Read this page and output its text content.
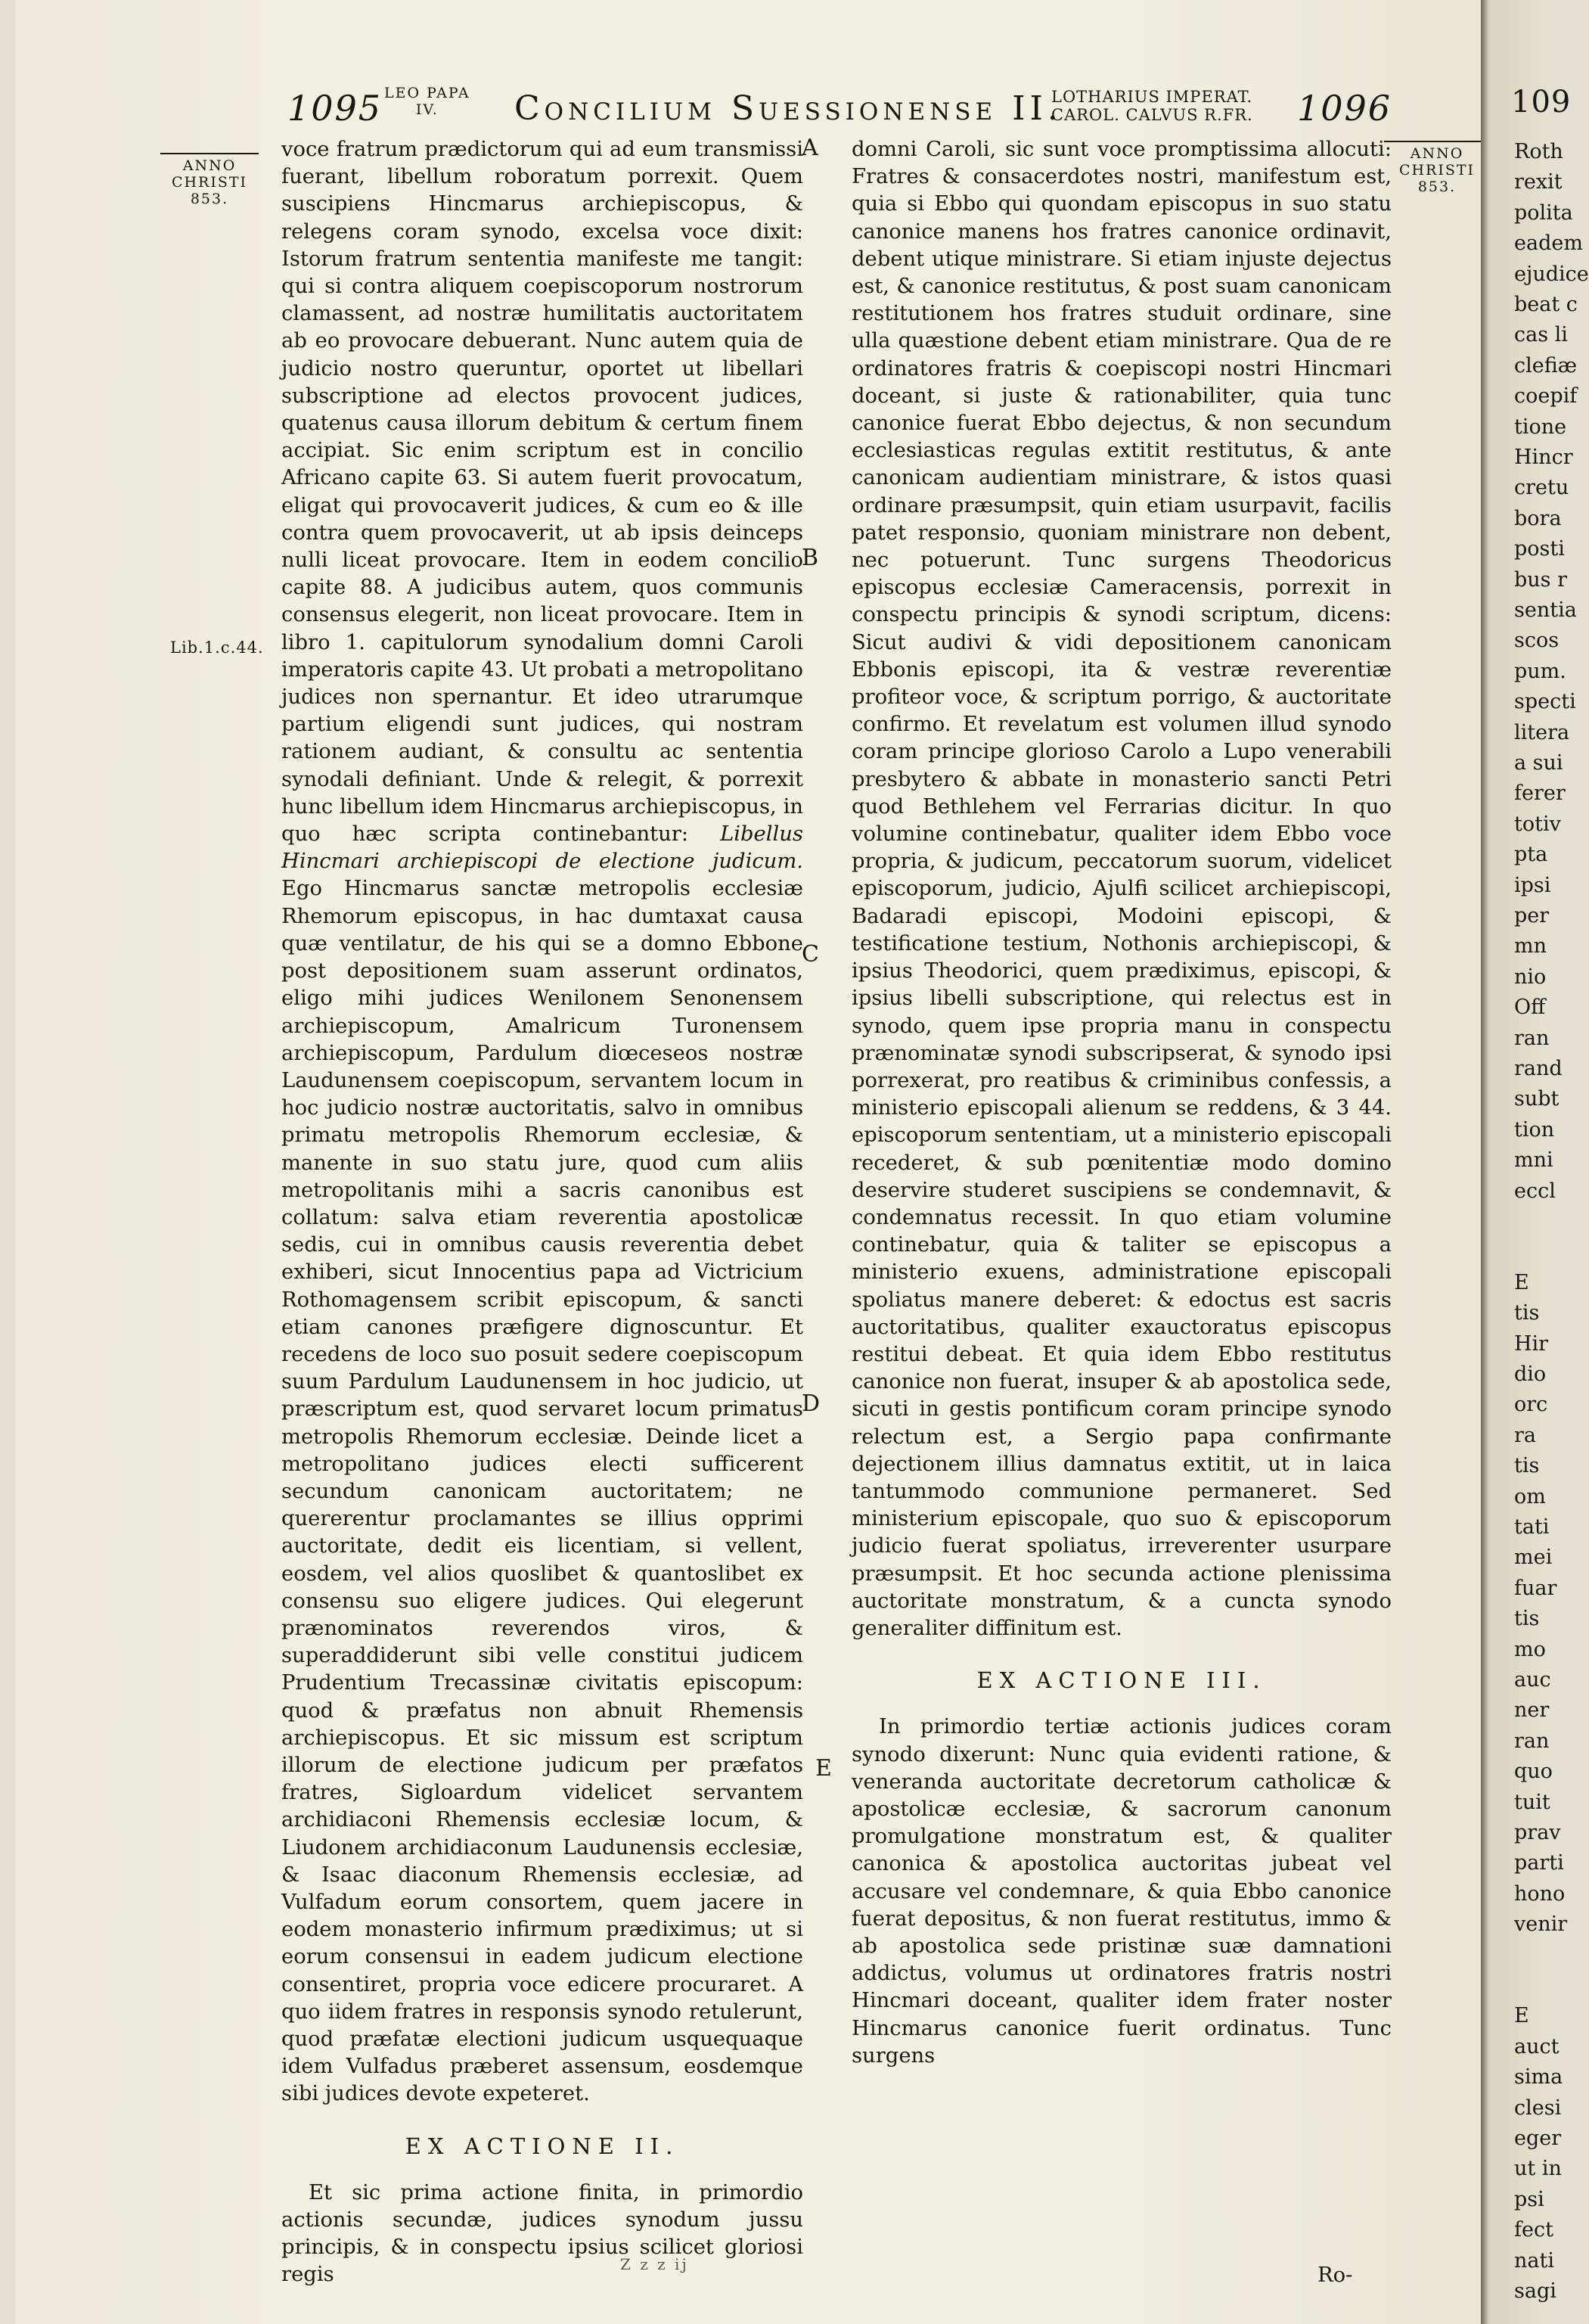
1095 LEO PAPA
IV.	Concilium Suessionense II.
LOTHARIUS IMPERAT.
CAROL. CALVUS R.FR. 1096
ANNO
CHRISTI
853.
ANNO
CHRISTI
853.
Lib.1.c.44.
A
B
C
D
E

voce fratrum prædictorum qui ad eum transmissi fuerant, libellum roboratum porrexit. Quem suscipiens Hincmarus archiepiscopus, & relegens coram synodo, excelsa voce dixit: Istorum fratrum sententia manifeste me tangit: qui si contra aliquem coepiscoporum nostrorum clamassent, ad nostræ humilitatis auctoritatem ab eo provocare debuerant. Nunc autem quia de judicio nostro queruntur, oportet ut libellari subscriptione ad electos provocent judices, quatenus causa illorum debitum & certum finem accipiat. Sic enim scriptum est in concilio Africano capite 63. Si autem fuerit provocatum, eligat qui provocaverit judices, & cum eo & ille contra quem provocaverit, ut ab ipsis deinceps nulli liceat provocare. Item in eodem concilio capite 88. A judicibus autem, quos communis consensus elegerit, non liceat provocare. Item in libro 1. capitulorum synodalium domni Caroli imperatoris capite 43. Ut probati a metropolitano judices non spernantur. Et ideo utrarumque partium eligendi sunt judices, qui nostram rationem audiant, & consultu ac sententia synodali definiant. Unde & relegit, & porrexit hunc libellum idem Hincmarus archiepiscopus, in quo hæc scripta continebantur: Libellus Hincmari archiepiscopi de electione judicum. Ego Hincmarus sanctæ metropolis ecclesiæ Rhemorum episcopus, in hac dumtaxat causa quæ ventilatur, de his qui se a domno Ebbone post depositionem suam asserunt ordinatos, eligo mihi judices Wenilonem Senonensem archiepiscopum, Amalricum Turonensem archiepiscopum, Pardulum diœceseos nostræ Laudunensem coepiscopum, servantem locum in hoc judicio nostræ auctoritatis, salvo in omnibus primatu metropolis Rhemorum ecclesiæ, & manente in suo statu jure, quod cum aliis metropolitanis mihi a sacris canonibus est collatum: salva etiam reverentia apostolicæ sedis, cui in omnibus causis reverentia debet exhiberi, sicut Innocentius papa ad Victricium Rothomagensem scribit episcopum, & sancti etiam canones præfigere dignoscuntur. Et recedens de loco suo posuit sedere coepiscopum suum Pardulum Laudunensem in hoc judicio, ut præscriptum est, quod servaret locum primatus metropolis Rhemorum ecclesiæ. Deinde licet a metropolitano judices electi sufficerent secundum canonicam auctoritatem; ne quererentur proclamantes se illius opprimi auctoritate, dedit eis licentiam, si vellent, eosdem, vel alios quoslibet & quantoslibet ex consensu suo eligere judices. Qui elegerunt prænominatos reverendos viros, & superaddiderunt sibi velle constitui judicem Prudentium Trecassinæ civitatis episcopum: quod & præfatus non abnuit Rhemensis archiepiscopus. Et sic missum est scriptum illorum de electione judicum per præfatos fratres, Sigloardum videlicet servantem archidiaconi Rhemensis ecclesiæ locum, & Liudonem archidiaconum Laudunensis ecclesiæ, & Isaac diaconum Rhemensis ecclesiæ, ad Vulfadum eorum consortem, quem jacere in eodem monasterio infirmum prædiximus; ut si eorum consensui in eadem judicum electione consentiret, propria voce edicere procuraret. A quo iidem fratres in responsis synodo retulerunt, quod præfatæ electioni judicum usquequaque idem Vulfadus præberet assensum, eosdemque sibi judices devote expeteret.

EX ACTIONE II.

Et sic prima actione finita, in primordio actionis secundæ, judices synodum jussu principis, & in conspectu ipsius scilicet gloriosi regis

domni Caroli, sic sunt voce promptissima allocuti: Fratres & consacerdotes nostri, manifestum est, quia si Ebbo qui quondam episcopus in suo statu canonice manens hos fratres canonice ordinavit, debent utique ministrare. Si etiam injuste dejectus est, & canonice restitutus, & post suam canonicam restitutionem hos fratres studuit ordinare, sine ulla quæstione debent etiam ministrare. Qua de re ordinatores fratris & coepiscopi nostri Hincmari doceant, si juste & rationabiliter, quia tunc canonice fuerat Ebbo dejectus, & non secundum ecclesiasticas regulas extitit restitutus, & ante canonicam audientiam ministrare, & istos quasi ordinare præsumpsit, quin etiam usurpavit, facilis patet responsio, quoniam ministrare non debent, nec potuerunt. Tunc surgens Theodoricus episcopus ecclesiæ Cameracensis, porrexit in conspectu principis & synodi scriptum, dicens: Sicut audivi & vidi depositionem canonicam Ebbonis episcopi, ita & vestræ reverentiæ profiteor voce, & scriptum porrigo, & auctoritate confirmo. Et revelatum est volumen illud synodo coram principe glorioso Carolo a Lupo venerabili presbytero & abbate in monasterio sancti Petri quod Bethlehem vel Ferrarias dicitur. In quo volumine continebatur, qualiter idem Ebbo voce propria, & judicum, peccatorum suorum, videlicet episcoporum, judicio, Ajulfi scilicet archiepiscopi, Badaradi episcopi, Modoini episcopi, & testificatione testium, Nothonis archiepiscopi, & ipsius Theodorici, quem prædiximus, episcopi, & ipsius libelli subscriptione, qui relectus est in synodo, quem ipse propria manu in conspectu prænominatæ synodi subscripserat, & synodo ipsi porrexerat, pro reatibus & criminibus confessis, a ministerio episcopali alienum se reddens, & 3 44. episcoporum sententiam, ut a ministerio episcopali recederet, & sub pœnitentiæ modo domino deservire studeret suscipiens se condemnavit, & condemnatus recessit. In quo etiam volumine continebatur, quia & taliter se episcopus a ministerio exuens, administratione episcopali spoliatus manere deberet: & edoctus est sacris auctoritatibus, qualiter exauctoratus episcopus restitui debeat. Et quia idem Ebbo restitutus canonice non fuerat, insuper & ab apostolica sede, sicuti in gestis pontificum coram principe synodo relectum est, a Sergio papa confirmante dejectionem illius damnatus extitit, ut in laica tantummodo communione permaneret. Sed ministerium episcopale, quo suo & episcoporum judicio fuerat spoliatus, irreverenter usurpare præsumpsit. Et hoc secunda actione plenissima auctoritate monstratum, & a cuncta synodo generaliter diffinitum est.

EX ACTIONE III.

In primordio tertiæ actionis judices coram synodo dixerunt: Nunc quia evidenti ratione, & veneranda auctoritate decretorum catholicæ & apostolicæ ecclesiæ, & sacrorum canonum promulgatione monstratum est, & qualiter canonica & apostolica auctoritas jubeat vel accusare vel condemnare, & quia Ebbo canonice fuerat depositus, & non fuerat restitutus, immo & ab apostolica sede pristinæ suæ damnationi addictus, volumus ut ordinatores fratris nostri Hincmari doceant, qualiter idem frater noster Hincmarus canonice fuerit ordinatus. Tunc surgens

Ro-
Z z z ij
109
Roth
rexit
polita
eadem
ejudice
beat c
cas li
clefiæ
coepif
tione
Hincr
cretu
bora
posti
bus r
sentia
scos
pum.
specti
litera
a sui
ferer
totiv
pta
ipsi
per
mn
nio
Off
ran
rand
subt
tion
mni
eccl
E
tis
Hir
dio
orc
ra
tis
om
tati
mei
fuar
tis
mo
auc
ner
ran
quo
tuit
prav
parti
hono
venir
E
auct
sima
clesi
eger
ut in
psi
fect
nati
sagi
